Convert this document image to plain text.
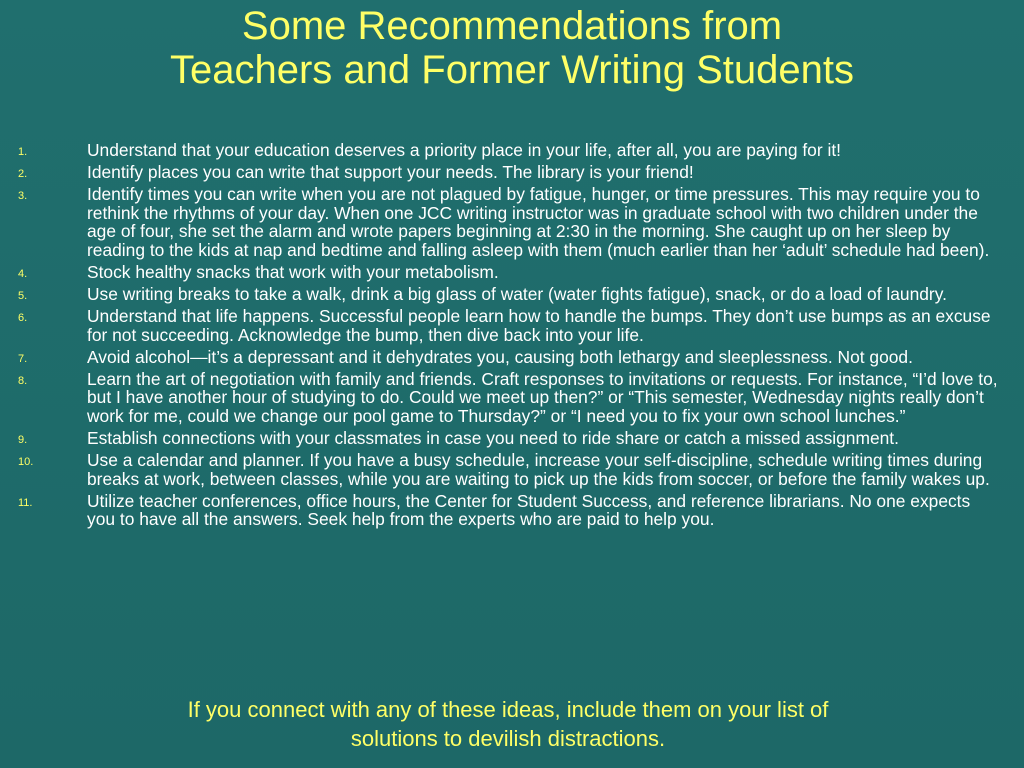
Some Recommendations from
Teachers and Former Writing Students
1.	Understand that your education deserves a priority place in your life, after all, you are paying for it!
2.	Identify places you can write that support your needs. The library is your friend!
3.	Identify times you can write when you are not plagued by fatigue, hunger, or time pressures. This may require you to rethink the rhythms of your day. When one JCC writing instructor was in graduate school with two children under the age of four, she set the alarm and wrote papers beginning at 2:30 in the morning. She caught up on her sleep by reading to the kids at nap and bedtime and falling asleep with them (much earlier than her ‘adult’ schedule had been).
4.	Stock healthy snacks that work with your metabolism.
5.	Use writing breaks to take a walk, drink a big glass of water (water fights fatigue), snack, or do a load of laundry.
6.	Understand that life happens. Successful people learn how to handle the bumps. They don’t use bumps as an excuse for not succeeding. Acknowledge the bump, then dive back into your life.
7.	Avoid alcohol—it’s a depressant and it dehydrates you, causing both lethargy and sleeplessness. Not good.
8.	Learn the art of negotiation with family and friends. Craft responses to invitations or requests. For instance, “I’d love to, but I have another hour of studying to do. Could we meet up then?” or “This semester, Wednesday nights really don’t work for me, could we change our pool game to Thursday?” or “I need you to fix your own school lunches.”
9.	Establish connections with your classmates in case you need to ride share or catch a missed assignment.
10.	Use a calendar and planner. If you have a busy schedule, increase your self-discipline, schedule writing times during breaks at work, between classes, while you are waiting to pick up the kids from soccer, or before the family wakes up.
11.	Utilize teacher conferences, office hours, the Center for Student Success, and reference librarians. No one expects you to have all the answers. Seek help from the experts who are paid to help you.

If you connect with any of these ideas, include them on your list of
solutions to devilish distractions.
